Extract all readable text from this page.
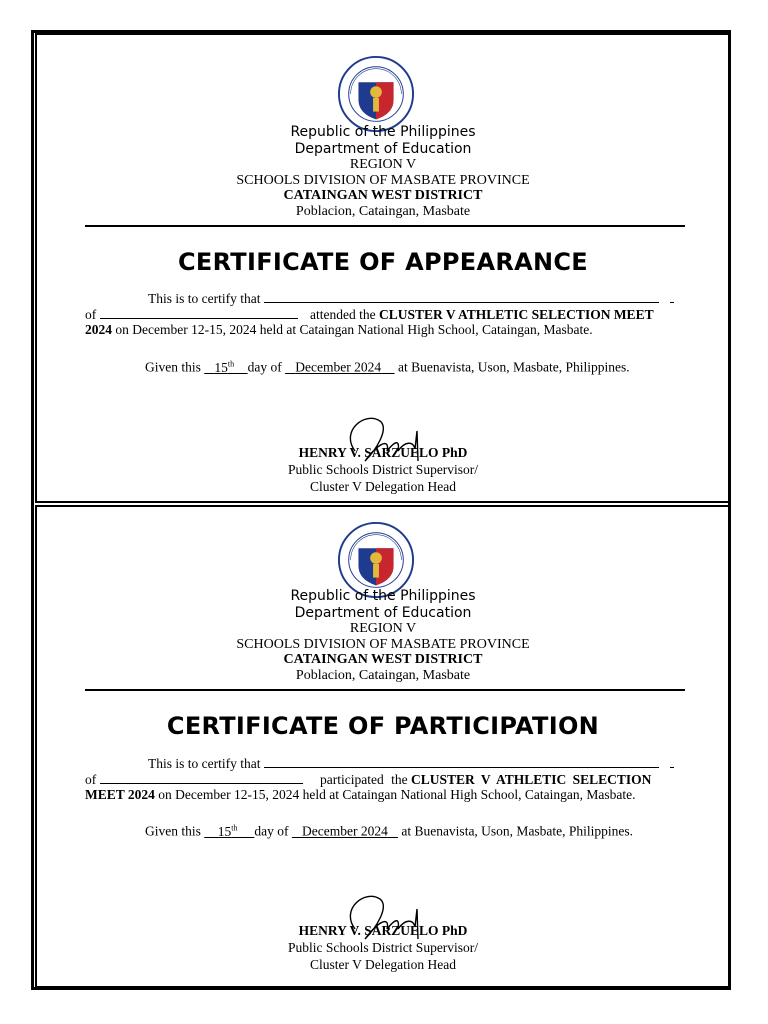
Republic of the Philippines
Department of Education
REGION V
SCHOOLS DIVISION OF MASBATE PROVINCE
CATAINGAN WEST DISTRICT
Poblacion, Cataingan, Masbate
CERTIFICATE OF APPEARANCE
This is to certify that
of	attended the CLUSTER V ATHLETIC SELECTION MEET
2024 on December 12-15, 2024 held at Cataingan National High School, Cataingan, Masbate.
Given this 15th day of December 2024 at Buenavista, Uson, Masbate, Philippines.
HENRY V. SARZUELO PhD
Public Schools District Supervisor/
Cluster V Delegation Head
Republic of the Philippines
Department of Education
REGION V
SCHOOLS DIVISION OF MASBATE PROVINCE
CATAINGAN WEST DISTRICT
Poblacion, Cataingan, Masbate
CERTIFICATE OF PARTICIPATION
This is to certify that
of	participated the CLUSTER V ATHLETIC SELECTION
MEET 2024 on December 12-15, 2024 held at Cataingan National High School, Cataingan, Masbate.
Given this _15th__ day of December 2024 at Buenavista, Uson, Masbate, Philippines.
HENRY V. SARZUELO PhD
Public Schools District Supervisor/
Cluster V Delegation Head
